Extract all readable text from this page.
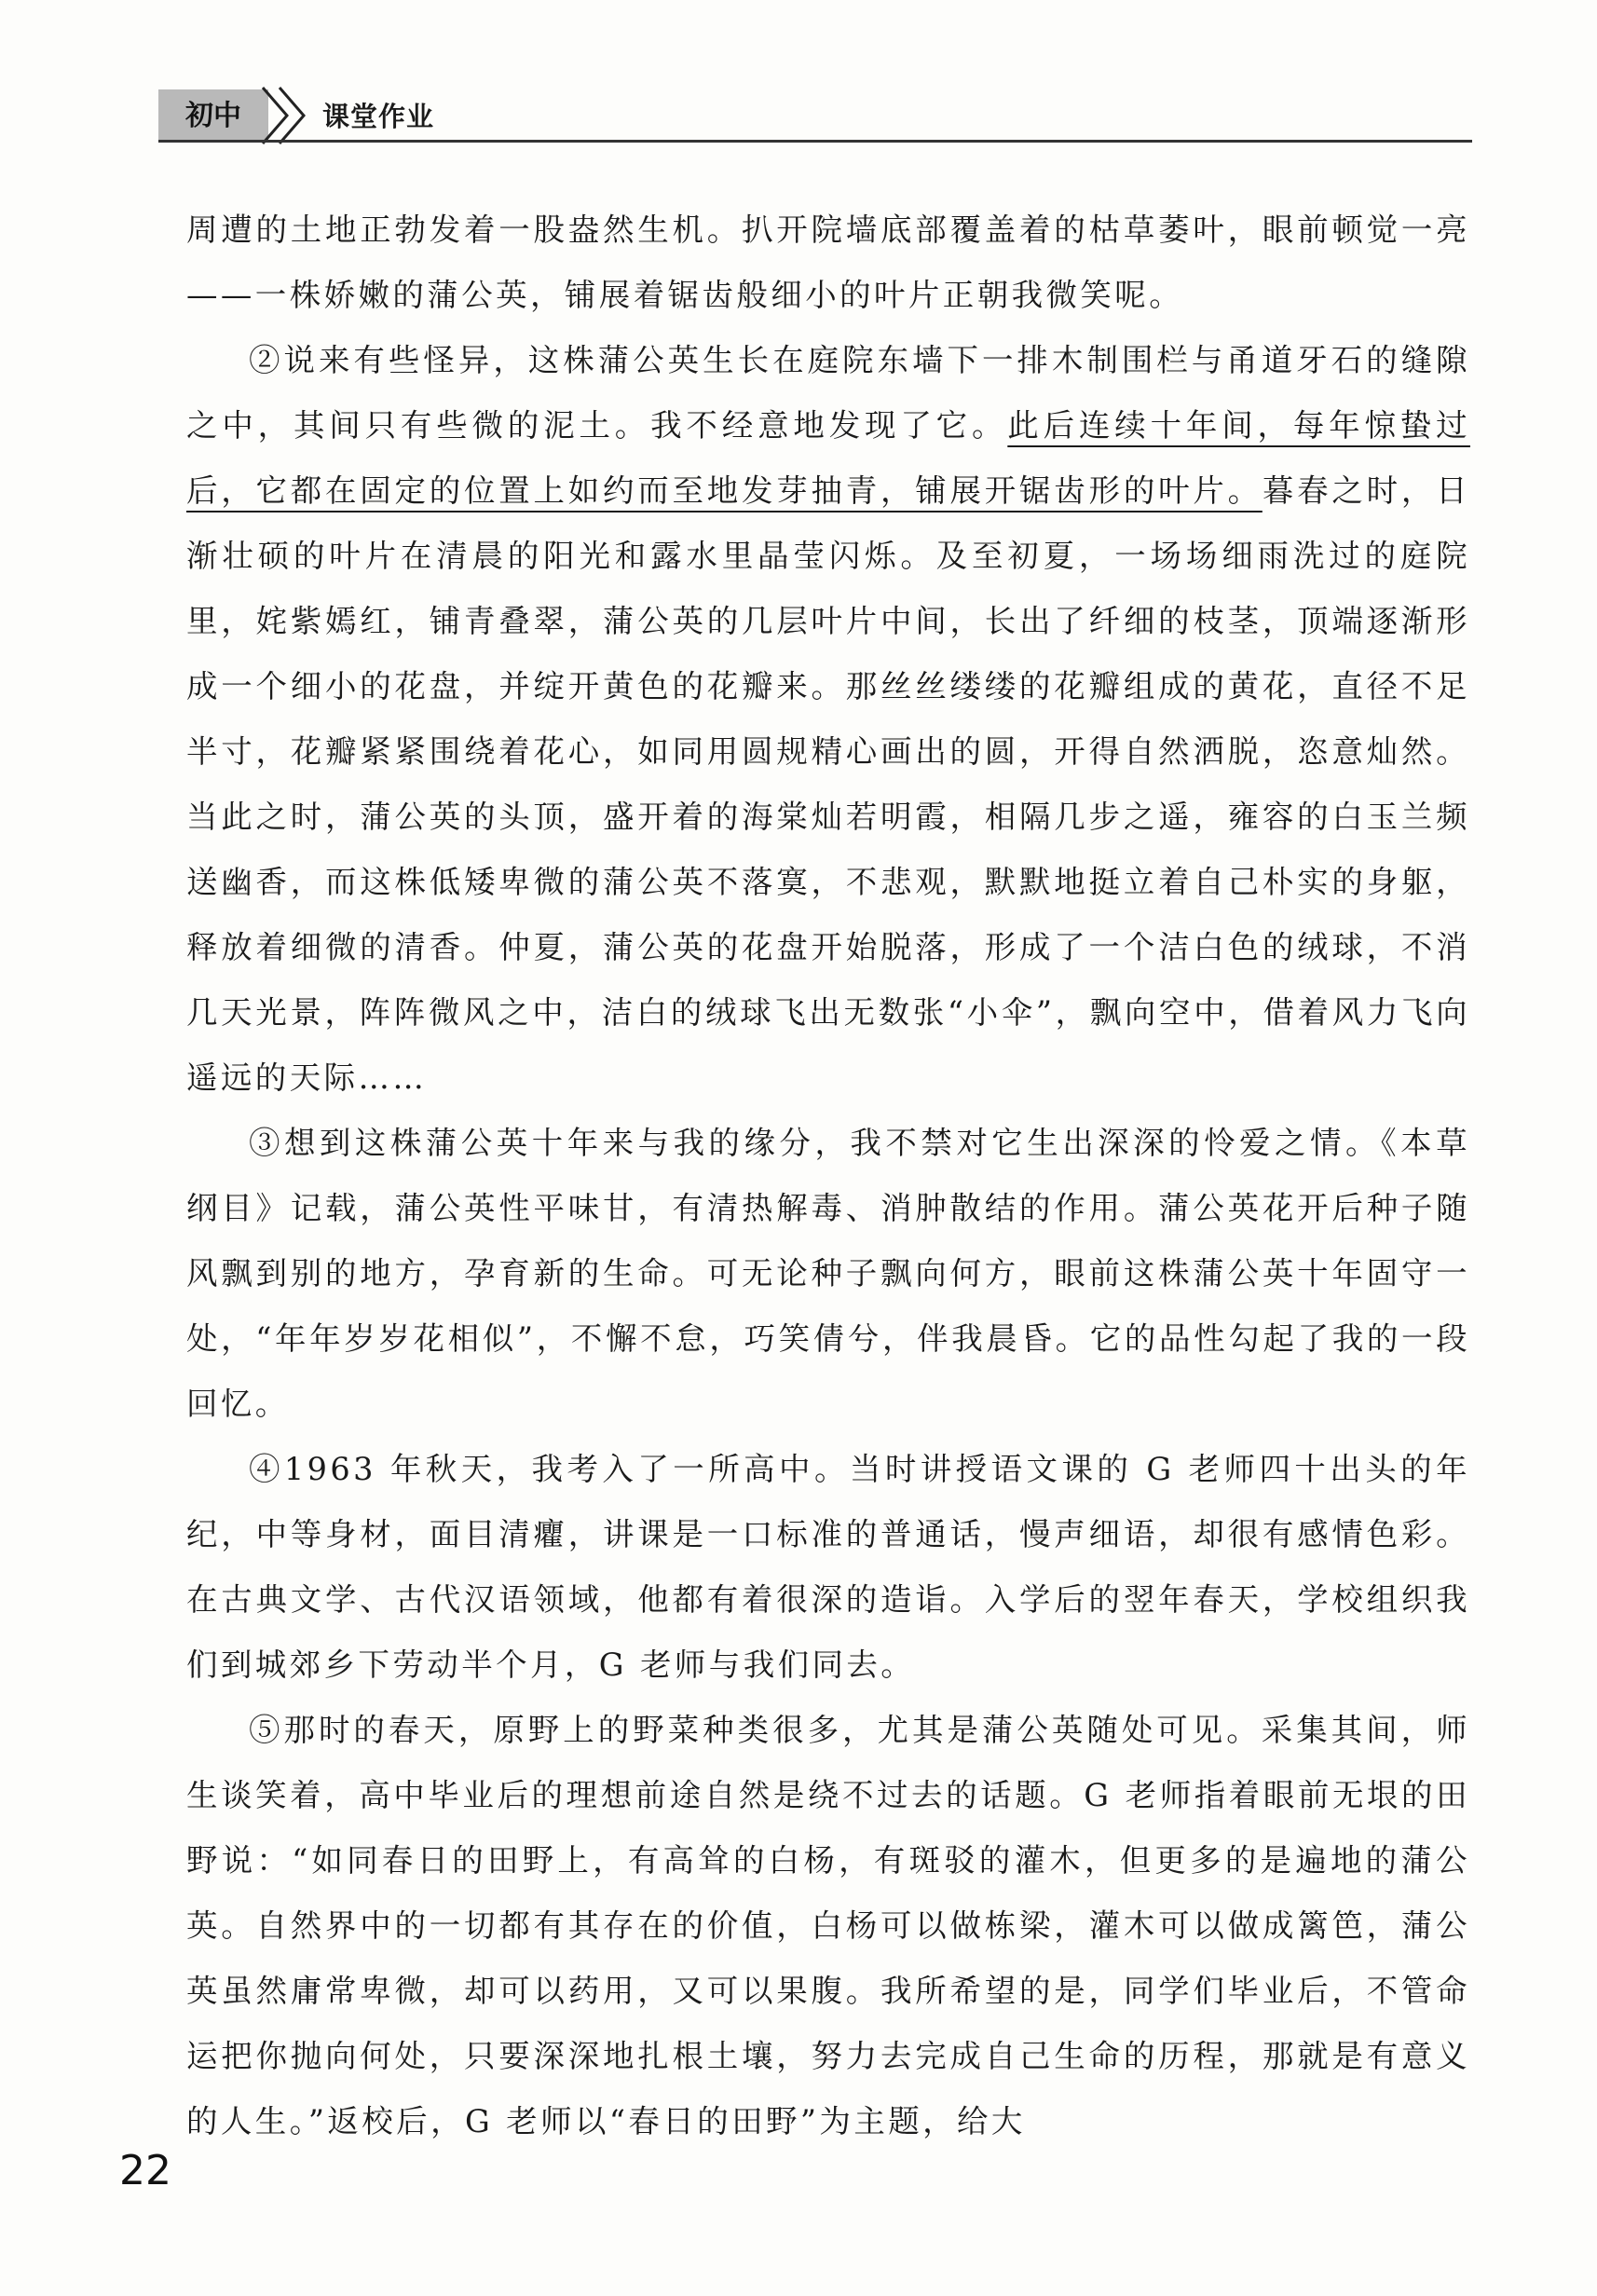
初中	课堂作业

周遭的土地正勃发着一股盎然生机。扒开院墙底部覆盖着的枯草萎叶，眼前顿觉一亮——一株娇嫩的蒲公英，铺展着锯齿般细小的叶片正朝我微笑呢。

②说来有些怪异，这株蒲公英生长在庭院东墙下一排木制围栏与甬道牙石的缝隙之中，其间只有些微的泥土。我不经意地发现了它。此后连续十年间，每年惊蛰过后，它都在固定的位置上如约而至地发芽抽青，铺展开锯齿形的叶片。暮春之时，日渐壮硕的叶片在清晨的阳光和露水里晶莹闪烁。及至初夏，一场场细雨洗过的庭院里，姹紫嫣红，铺青叠翠，蒲公英的几层叶片中间，长出了纤细的枝茎，顶端逐渐形成一个细小的花盘，并绽开黄色的花瓣来。那丝丝缕缕的花瓣组成的黄花，直径不足半寸，花瓣紧紧围绕着花心，如同用圆规精心画出的圆，开得自然洒脱，恣意灿然。当此之时，蒲公英的头顶，盛开着的海棠灿若明霞，相隔几步之遥，雍容的白玉兰频送幽香，而这株低矮卑微的蒲公英不落寞，不悲观，默默地挺立着自己朴实的身躯，释放着细微的清香。仲夏，蒲公英的花盘开始脱落，形成了一个洁白色的绒球，不消几天光景，阵阵微风之中，洁白的绒球飞出无数张“小伞”，飘向空中，借着风力飞向遥远的天际……

③想到这株蒲公英十年来与我的缘分，我不禁对它生出深深的怜爱之情。《本草纲目》记载，蒲公英性平味甘，有清热解毒、消肿散结的作用。蒲公英花开后种子随风飘到别的地方，孕育新的生命。可无论种子飘向何方，眼前这株蒲公英十年固守一处，“年年岁岁花相似”，不懈不怠，巧笑倩兮，伴我晨昏。它的品性勾起了我的一段回忆。

④1963 年秋天，我考入了一所高中。当时讲授语文课的 G 老师四十出头的年纪，中等身材，面目清癯，讲课是一口标准的普通话，慢声细语，却很有感情色彩。在古典文学、古代汉语领域，他都有着很深的造诣。入学后的翌年春天，学校组织我们到城郊乡下劳动半个月，G 老师与我们同去。

⑤那时的春天，原野上的野菜种类很多，尤其是蒲公英随处可见。采集其间，师生谈笑着，高中毕业后的理想前途自然是绕不过去的话题。G 老师指着眼前无垠的田野说：“如同春日的田野上，有高耸的白杨，有斑驳的灌木，但更多的是遍地的蒲公英。自然界中的一切都有其存在的价值，白杨可以做栋梁，灌木可以做成篱笆，蒲公英虽然庸常卑微，却可以药用，又可以果腹。我所希望的是，同学们毕业后，不管命运把你抛向何处，只要深深地扎根土壤，努力去完成自己生命的历程，那就是有意义的人生。”返校后，G 老师以“春日的田野”为主题，给大

22
